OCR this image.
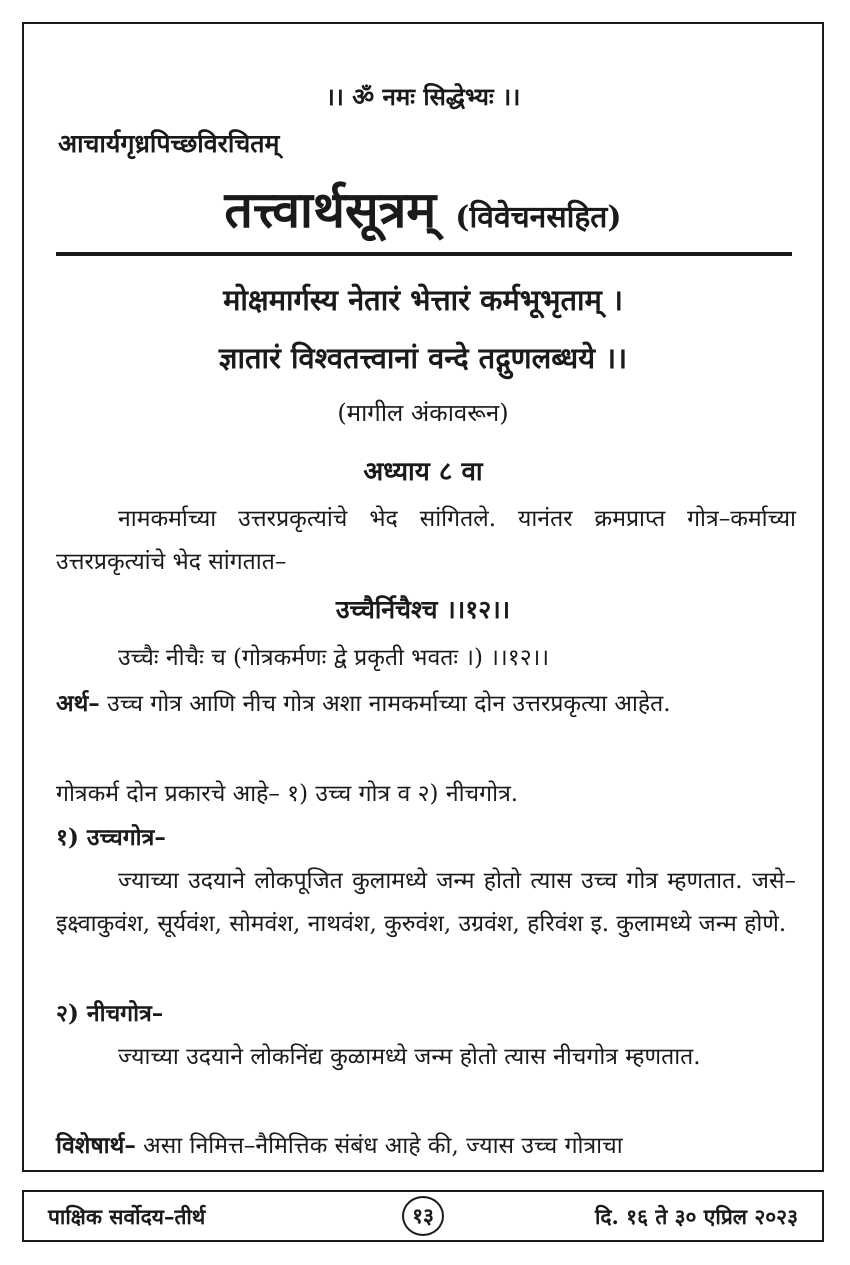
।। ॐ नमः सिद्धेभ्यः ।।
आचार्यगृध्रपिच्छविरचितम्
तत्त्वार्थसूत्रम् (विवेचनसहित)
मोक्षमार्गस्य नेतारं भेत्तारं कर्मभूभृताम् ।
ज्ञातारं विश्वतत्त्वानां वन्दे तद्गुणलब्धये ।।
(मागील अंकावरून)
अध्याय ८ वा
नामकर्माच्या उत्तरप्रकृत्यांचे भेद सांगितले. यानंतर क्रमप्राप्त गोत्र–कर्माच्या उत्तरप्रकृत्यांचे भेद सांगतात–
उच्चैर्निचैश्च ।।१२।।
उच्चैः नीचैः च (गोत्रकर्मणः द्वे प्रकृती भवतः ।) ।।१२।।
अर्थ– उच्च गोत्र आणि नीच गोत्र अशा नामकर्माच्या दोन उत्तरप्रकृत्या आहेत.
गोत्रकर्म दोन प्रकारचे आहे– १) उच्च गोत्र व २) नीचगोत्र.
१) उच्चगोत्र–
ज्याच्या उदयाने लोकपूजित कुलामध्ये जन्म होतो त्यास उच्च गोत्र म्हणतात. जसे– इक्ष्वाकुवंश, सूर्यवंश, सोमवंश, नाथवंश, कुरुवंश, उग्रवंश, हरिवंश इ. कुलामध्ये जन्म होणे.
२) नीचगोत्र–
ज्याच्या उदयाने लोकनिंद्य कुळामध्ये जन्म होतो त्यास नीचगोत्र म्हणतात.
विशेषार्थ– असा निमित्त–नैमित्तिक संबंध आहे की, ज्यास उच्च गोत्राचा
पाक्षिक सर्वोदय–तीर्थ	१३	दि. १६ ते ३० एप्रिल २०२३
